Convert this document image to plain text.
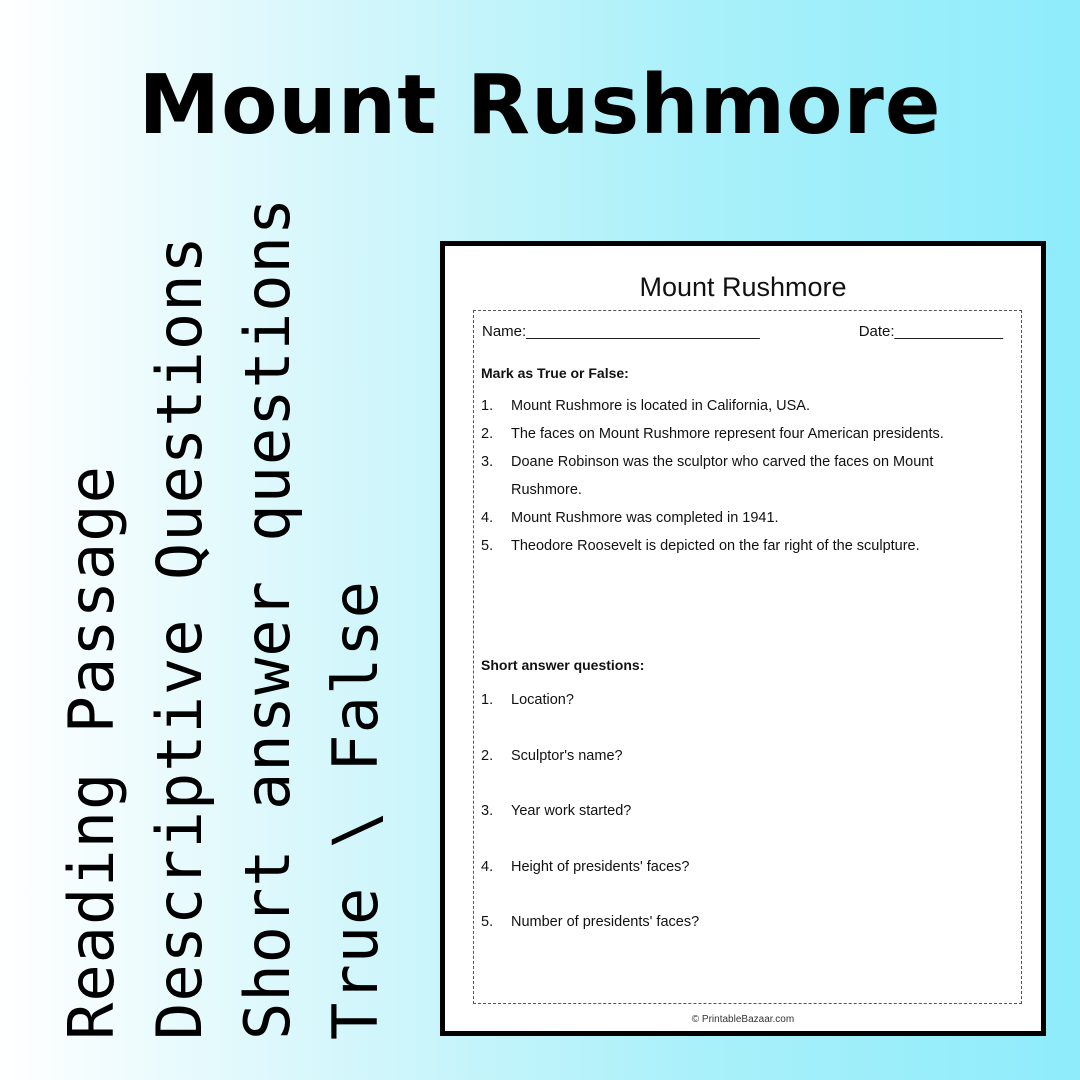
Mount Rushmore
Reading Passage Descriptive Questions Short answer questions True \ False
Mount Rushmore
Name:____________________________	Date:_____________
Mark as True or False:
1. Mount Rushmore is located in California, USA.
2. The faces on Mount Rushmore represent four American presidents.
3. Doane Robinson was the sculptor who carved the faces on Mount Rushmore.
4. Mount Rushmore was completed in 1941.
5. Theodore Roosevelt is depicted on the far right of the sculpture.
Short answer questions:
1. Location?
2. Sculptor's name?
3. Year work started?
4. Height of presidents' faces?
5. Number of presidents' faces?
© PrintableBazaar.com
